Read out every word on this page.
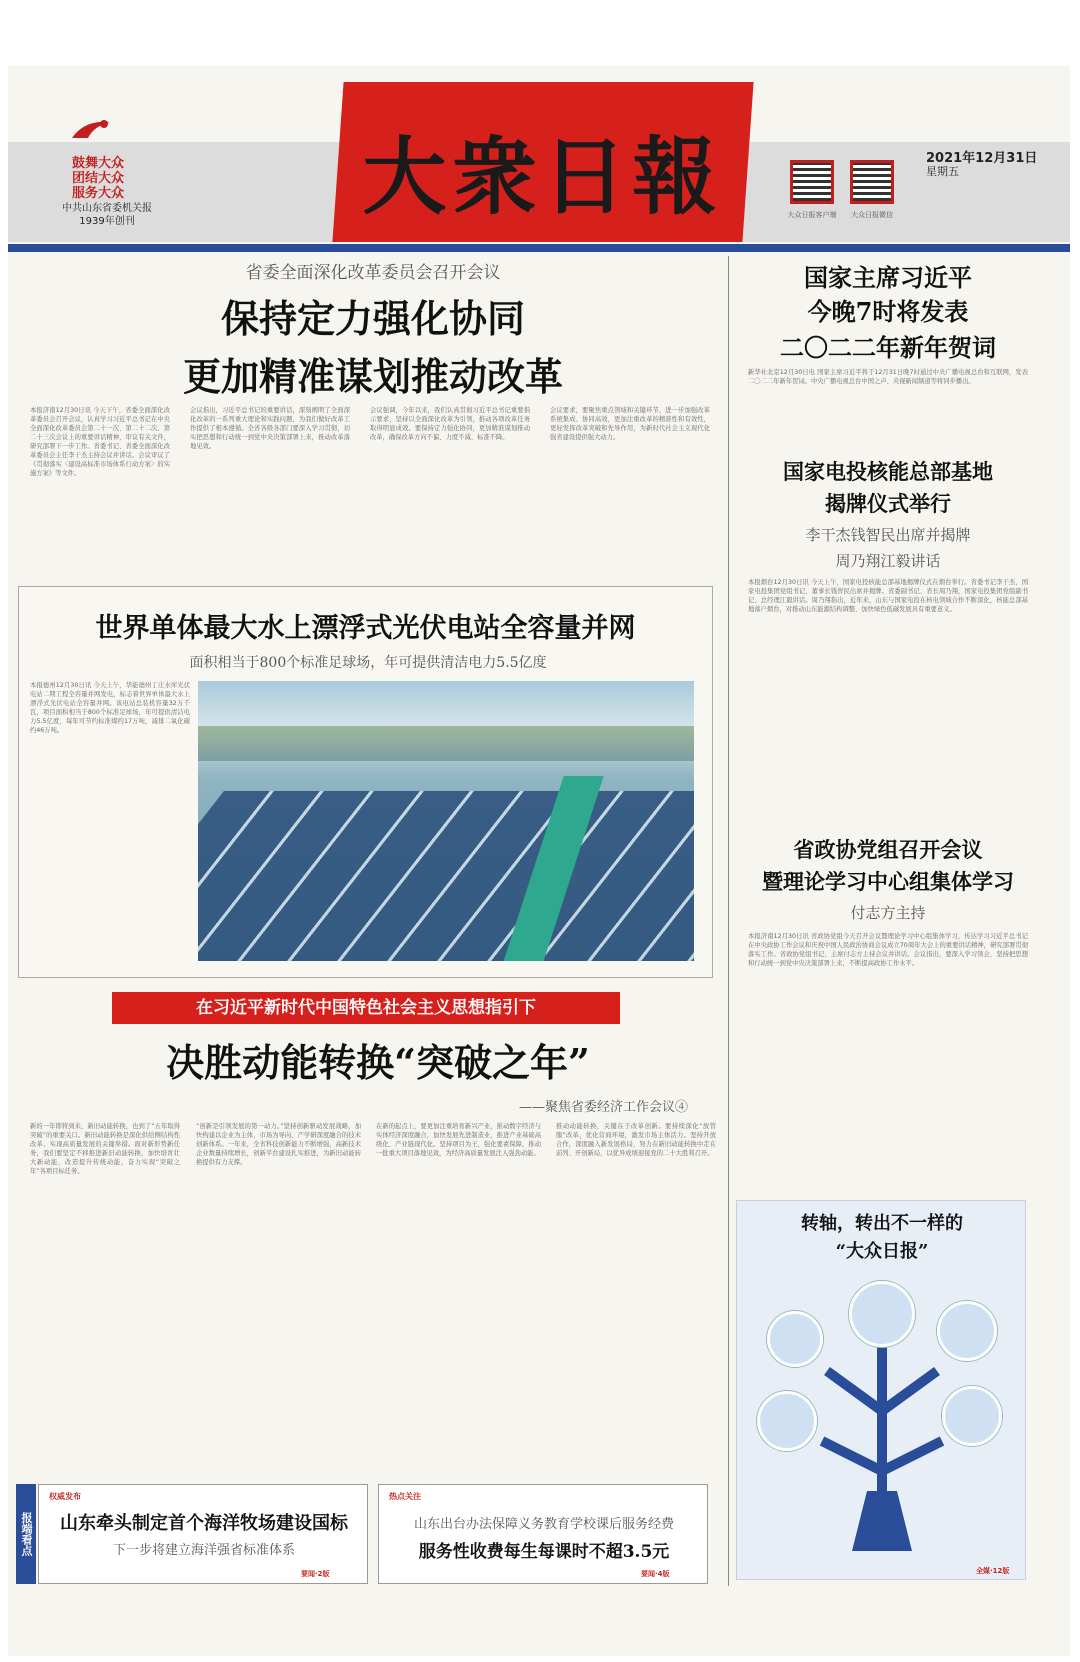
大衆日報
鼓舞大众
团结大众
服务大众
中共山东省委机关报
1939年创刊
大众日报客户端	大众日报微信
2021年12月31日
星期五
省委全面深化改革委员会召开会议
保持定力强化协同
更加精准谋划推动改革
本报济南12月30日讯 今天下午，省委全面深化改革委员会召开会议，认真学习习近平总书记在中央全面深化改革委员会第二十一次、第二十二次、第二十三次会议上的重要讲话精神，审议有关文件，研究部署下一步工作。省委书记、省委全面深化改革委员会主任李干杰主持会议并讲话。会议审议了《贯彻落实〈建设高标准市场体系行动方案〉的实施方案》等文件。
会议指出，习近平总书记的重要讲话，深刻阐明了全面深化改革的一系列重大理论和实践问题，为我们做好改革工作提供了根本遵循。全省各级各部门要深入学习贯彻，切实把思想和行动统一到党中央决策部署上来，推动改革落地见效。
会议强调，今年以来，我们认真贯彻习近平总书记重要指示要求，坚持以全面深化改革为引领，推动各项改革任务取得明显成效。要保持定力强化协同，更加精准谋划推动改革，确保改革方向不偏、力度不减、标准不降。
会议要求，要聚焦重点领域和关键环节，进一步加强改革系统集成、协同高效，更加注重改革的精准性和有效性，更好发挥改革突破和先导作用，为新时代社会主义现代化强省建设提供强大动力。
世界单体最大水上漂浮式光伏电站全容量并网
面积相当于800个标准足球场，年可提供清洁电力5.5亿度
本报德州12月30日讯 今天上午，华能德州丁庄水库光伏电站二期工程全容量并网发电，标志着世界单体最大水上漂浮式光伏电站全容量并网。该电站总装机容量32万千瓦，项目面积相当于800个标准足球场，年可提供清洁电力5.5亿度，每年可节约标准煤约17万吨，减排二氧化碳约46万吨。
在习近平新时代中国特色社会主义思想指引下
决胜动能转换“突破之年”
——聚焦省委经济工作会议④
新的一年即将到来，新旧动能转换，也到了“五年取得突破”的重要关口。新旧动能转换是深化供给侧结构性改革、实现高质量发展的关键举措。面对新形势新任务，我们要坚定不移推进新旧动能转换，加快培育壮大新动能，改造提升传统动能，奋力实现“突破之年”各项目标任务。
“创新是引领发展的第一动力。”坚持创新驱动发展战略，加快构建以企业为主体、市场为导向、产学研深度融合的技术创新体系。一年来，全省科技创新能力不断增强，高新技术企业数量持续增长，创新平台建设扎实推进，为新旧动能转换提供有力支撑。
在新的起点上，要更加注重培育新兴产业，推动数字经济与实体经济深度融合，加快发展先进制造业，推进产业基础高级化、产业链现代化。坚持项目为王，强化要素保障，推动一批重大项目落地见效，为经济高质量发展注入强劲动能。
推动动能转换，关键在于改革创新。要持续深化“放管服”改革，优化营商环境，激发市场主体活力。坚持开放合作，深度融入新发展格局，努力在新旧动能转换中走在前列、开创新局，以优异成绩迎接党的二十大胜利召开。
国家主席习近平
今晚7时将发表
二〇二二年新年贺词
新华社北京12月30日电 国家主席习近平将于12月31日晚7时通过中央广播电视总台和互联网，发表二〇二二年新年贺词。中央广播电视总台中国之声、央视新闻频道等将同步播出。
国家电投核能总部基地
揭牌仪式举行
李干杰钱智民出席并揭牌
周乃翔江毅讲话
本报烟台12月30日讯 今天上午，国家电投核能总部基地揭牌仪式在烟台举行。省委书记李干杰，国家电投集团党组书记、董事长钱智民出席并揭牌。省委副书记、省长周乃翔，国家电投集团党组副书记、总经理江毅讲话。周乃翔指出，近年来，山东与国家电投在核电领域合作不断深化，核能总部基地落户烟台，对推动山东能源结构调整、加快绿色低碳发展具有重要意义。
省政协党组召开会议
暨理论学习中心组集体学习
付志方主持
本报济南12月30日讯 省政协党组今天召开会议暨理论学习中心组集体学习，传达学习习近平总书记在中央政协工作会议和庆祝中国人民政治协商会议成立70周年大会上的重要讲话精神，研究部署贯彻落实工作。省政协党组书记、主席付志方主持会议并讲话。会议指出，要深入学习领会，坚持把思想和行动统一到党中央决策部署上来，不断提高政协工作水平。
转轴，转出不一样的
“大众日报”
报端看点
权威发布
山东牵头制定首个海洋牧场建设国标
下一步将建立海洋强省标准体系
要闻·2版
热点关注
山东出台办法保障义务教育学校课后服务经费
服务性收费每生每课时不超3.5元
要闻·4版	全媒·12版
